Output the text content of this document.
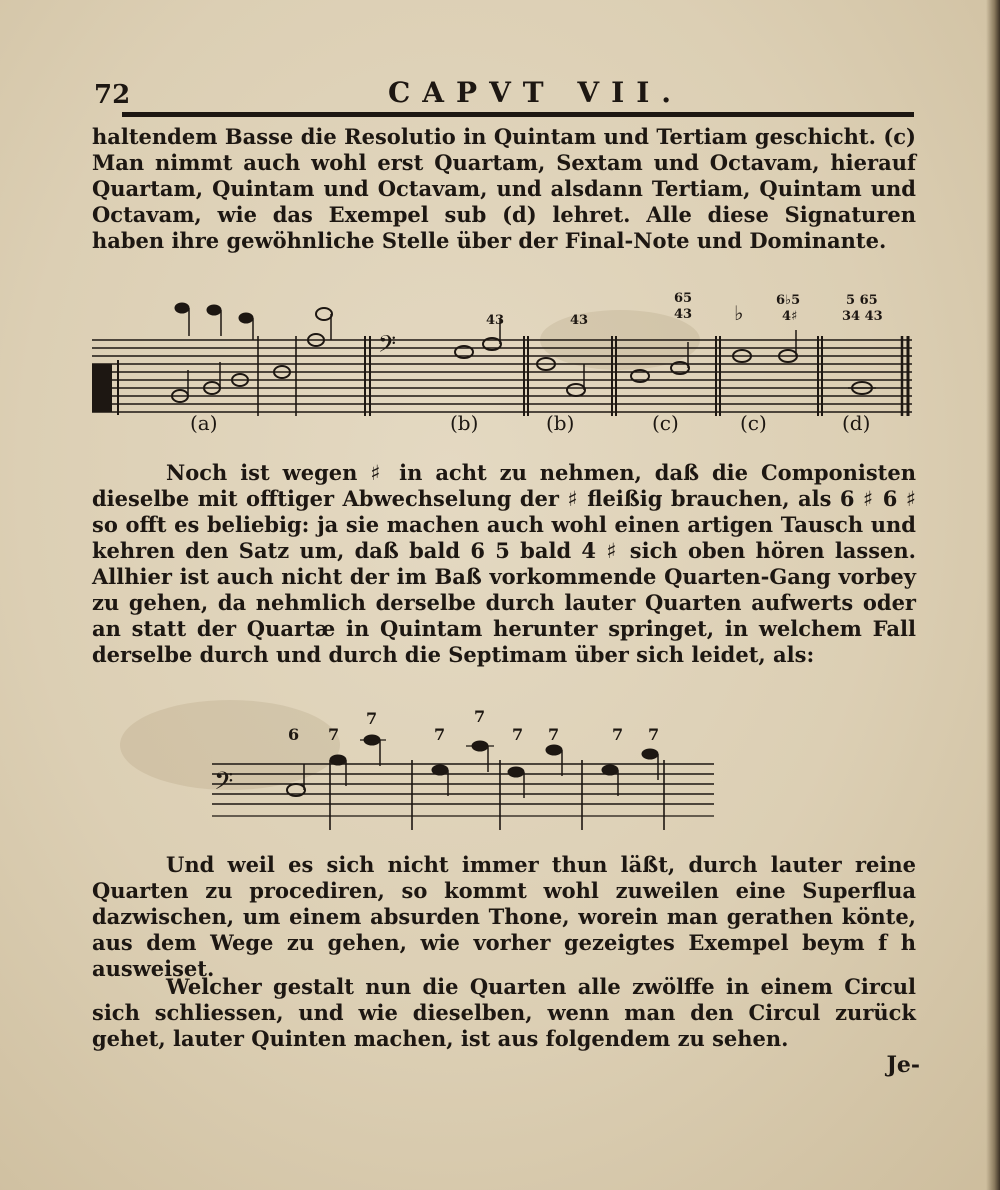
72	CAPVT VII.
haltendem Basse die Resolutio in Quintam und Tertiam geschicht. (c) Man nimmt auch wohl erst Quartam, Sextam und Octavam, hierauf Quartam, Quintam und Octavam, und alsdann Tertiam, Quintam und Octavam, wie das Exempel sub (d) lehret. Alle diese Signaturen haben ihre gewöhnliche Stelle über der Final-Note und Dominante.
𝄢
(a)	(b)	(b)	(c)	(c)	(d)
43	43
65
43 ♭
6♭5
4♯
5 65
34 43
𝄢
6 7
7
7
7
7 7	7 7
Noch ist wegen ♯ in acht zu nehmen, daß die Componisten dieselbe mit offtiger Abwechselung der ♯ fleißig brauchen, als 6 ♯ 6 ♯ so offt es beliebig: ja sie machen auch wohl einen artigen Tausch und kehren den Satz um, daß bald 6 5 bald 4 ♯ sich oben hören lassen. Allhier ist auch nicht der im Baß vorkommende Quarten-Gang vorbey zu gehen, da nehmlich derselbe durch lauter Quarten aufwerts oder an statt der Quartæ in Quintam herunter springet, in welchem Fall derselbe durch und durch die Septimam über sich leidet, als:
Und weil es sich nicht immer thun läßt, durch lauter reine Quarten zu procediren, so kommt wohl zuweilen eine Superflua dazwischen, um einem absurden Thone, worein man gerathen könte, aus dem Wege zu gehen, wie vorher gezeigtes Exempel beym f h ausweiset.
Welcher gestalt nun die Quarten alle zwölffe in einem Circul sich schliessen, und wie dieselben, wenn man den Circul zurück gehet, lauter Quinten machen, ist aus folgendem zu sehen.
Je-
